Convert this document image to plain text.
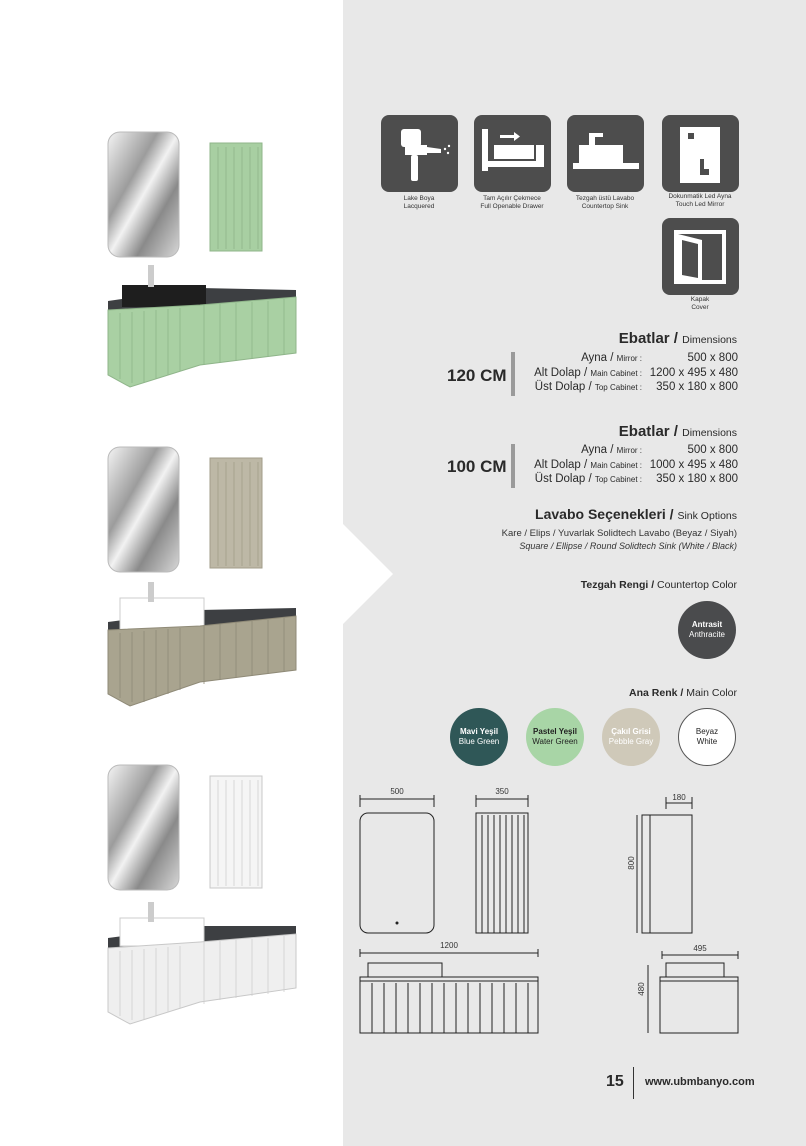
Lake Boya
Lacquered
Tam Açılır Çekmece
Full Openable Drawer
Tezgah üstü Lavabo
Countertop Sink
Dokunmatik Led Ayna
Touch Led Mirror
Kapak
Cover
Ebatlar / Dimensions
120 CM
Ayna / Mirror :	500 x 800
Alt Dolap / Main Cabinet : 1200 x 495 x 480
Üst Dolap / Top Cabinet : 350 x 180 x 800
Ebatlar / Dimensions
100 CM
Ayna / Mirror :	500 x 800
Alt Dolap / Main Cabinet : 1000 x 495 x 480
Üst Dolap / Top Cabinet : 350 x 180 x 800
Lavabo Seçenekleri / Sink Options
Kare / Elips / Yuvarlak Solidtech Lavabo (Beyaz / Siyah)
Square / Ellipse / Round Solidtech Sink (White / Black)
Tezgah Rengi / Countertop Color
Antrasit
Anthracite
Ana Renk / Main Color
Mavi Yeşil
Blue Green
Pastel Yeşil
Water Green
Çakıl Grisi
Pebble Gray
Beyaz
White
500	350
180
800
1200	495
480
15 www.ubmbanyo.com
